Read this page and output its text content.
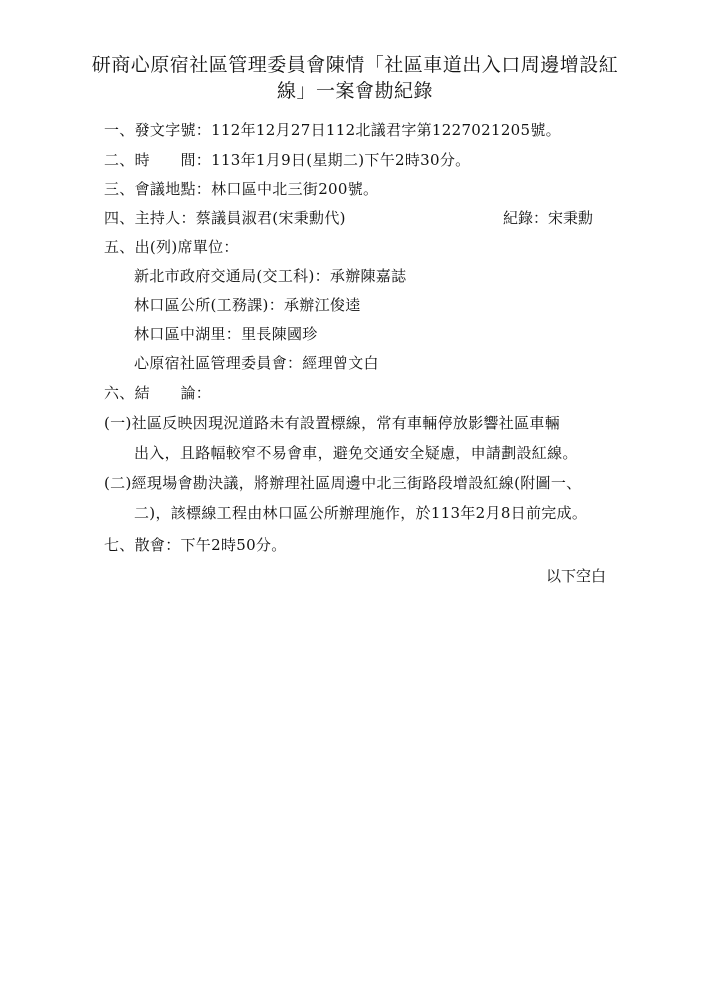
研商心原宿社區管理委員會陳情「社區車道出入口周邊增設紅
線」一案會勘紀錄
一、發文字號：112年12月27日112北議君字第1227021205號。
二、時　　間：113年1月9日(星期二)下午2時30分。
三、會議地點：林口區中北三街200號。
四、主持人：蔡議員淑君(宋秉勳代)	紀錄：宋秉勳
五、出(列)席單位：
新北市政府交通局(交工科)：承辦陳嘉誌
林口區公所(工務課)：承辦江俊逵
林口區中湖里：里長陳國珍
心原宿社區管理委員會：經理曾文白
六、結　　論：
(一)社區反映因現況道路未有設置標線，常有車輛停放影響社區車輛
出入，且路幅較窄不易會車，避免交通安全疑慮，申請劃設紅線。
(二)經現場會勘決議，將辦理社區周邊中北三街路段增設紅線(附圖一、
二)，該標線工程由林口區公所辦理施作，於113年2月8日前完成。
七、散會：下午2時50分。
以下空白
